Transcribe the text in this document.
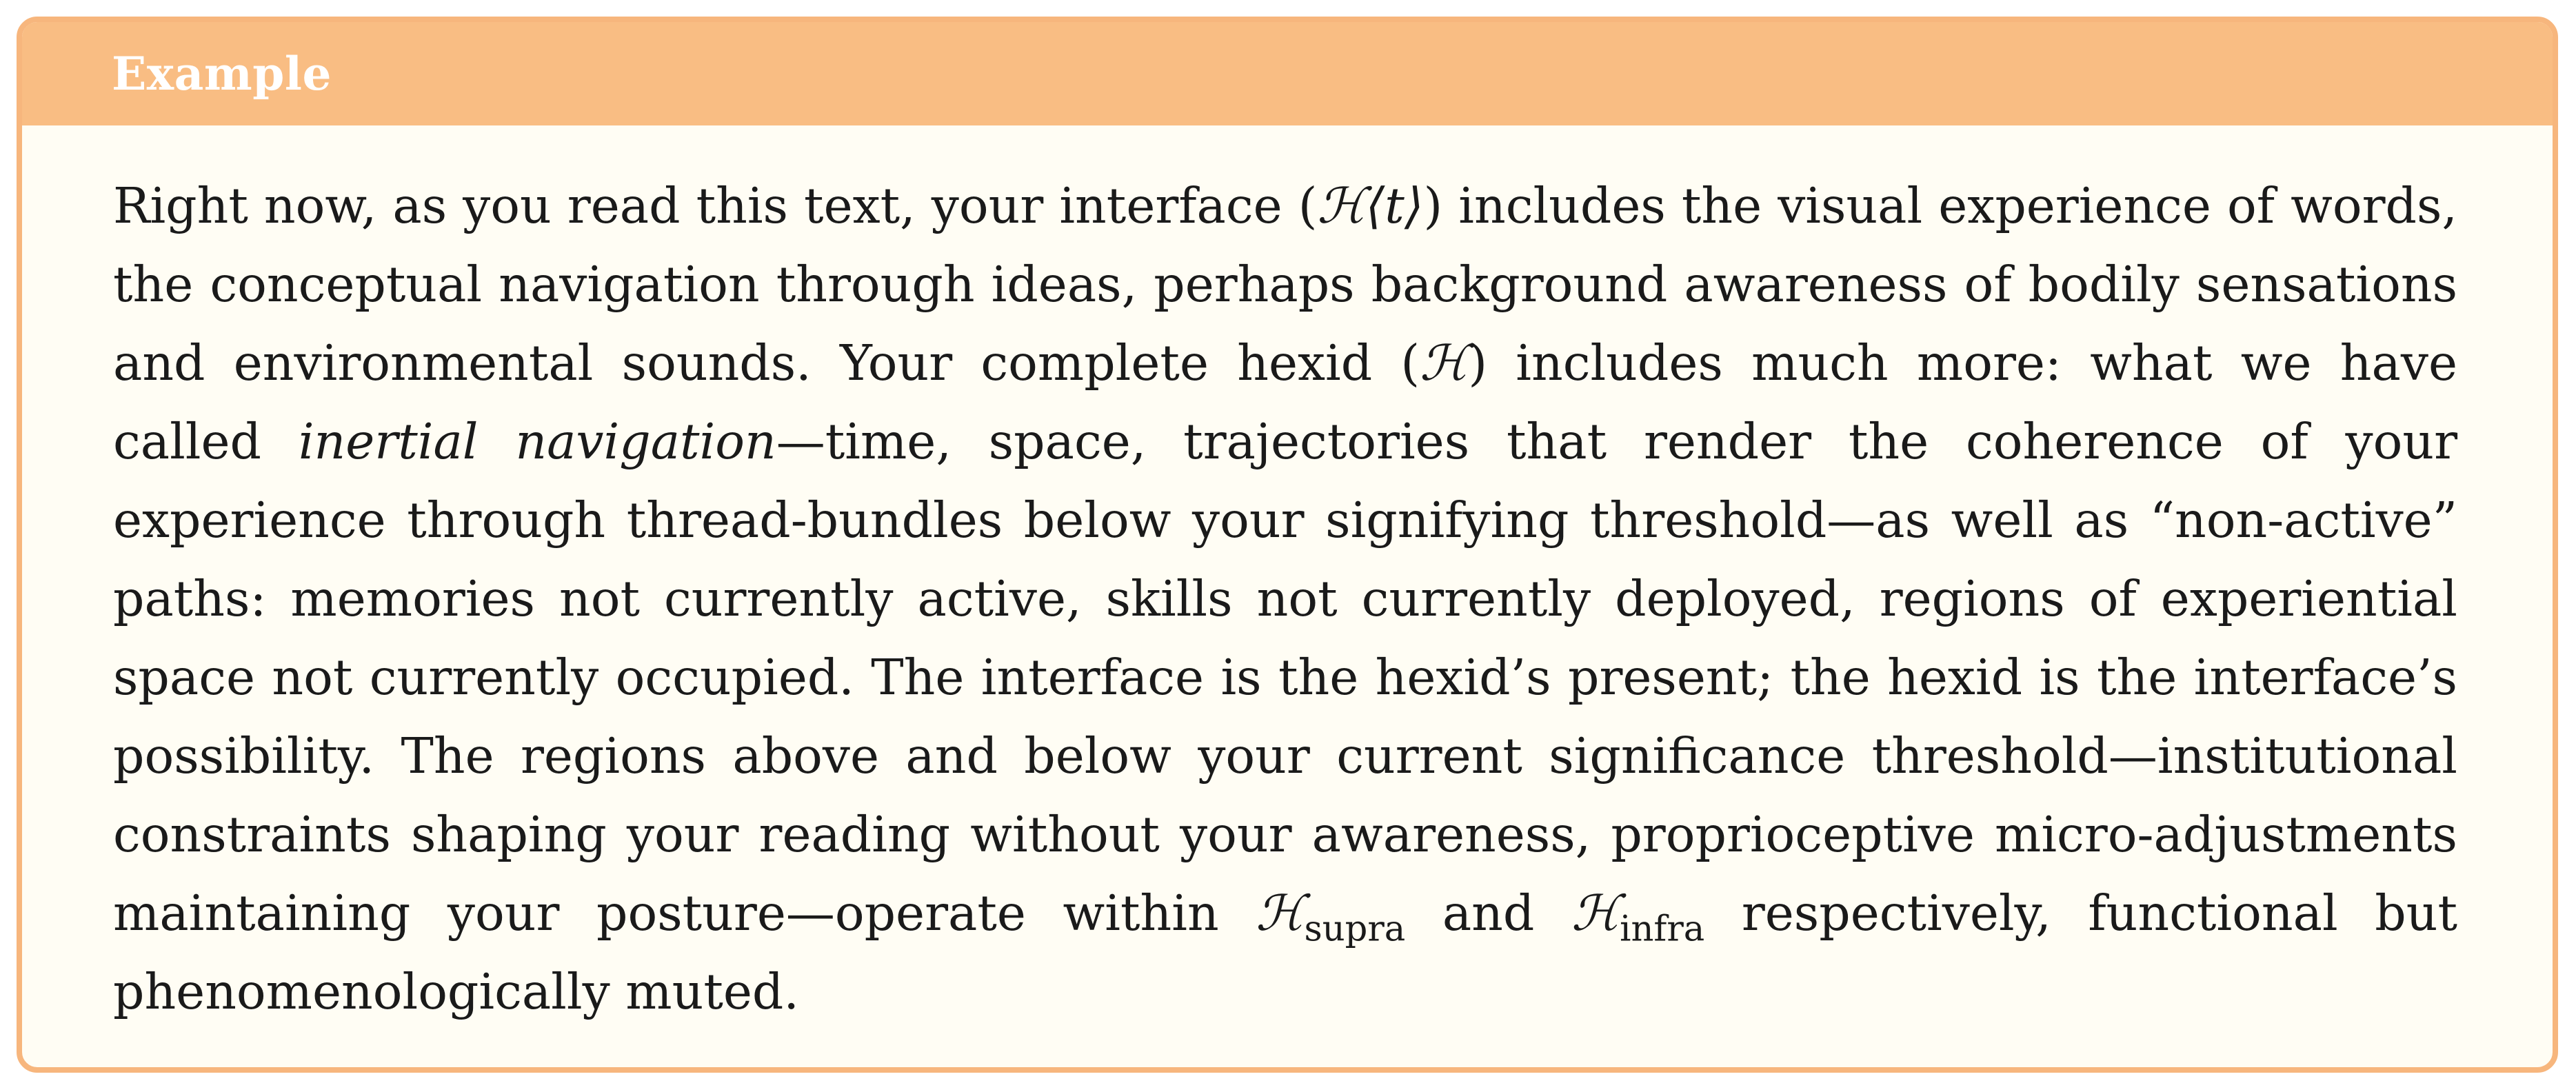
Example

Right now, as you read this text, your interface (ℋ⟨t⟩) includes the visual experience of words, the conceptual navigation through ideas, perhaps background awareness of bodily sensations and environmental sounds. Your complete hexid (ℋ) includes much more: what we have called inertial navigation—time, space, trajectories that render the coherence of your experience through thread-bundles below your signifying threshold—as well as “non-active” paths: memories not currently active, skills not currently deployed, regions of experiential space not currently occupied. The interface is the hexid’s present; the hexid is the interface’s possibility. The regions above and below your current significance threshold—institutional constraints shaping your reading without your awareness, proprioceptive micro-adjustments maintaining your posture—operate within ℋ$_{supra}$ and ℋ$_{infra}$ respectively, functional but phenomenologically muted.
